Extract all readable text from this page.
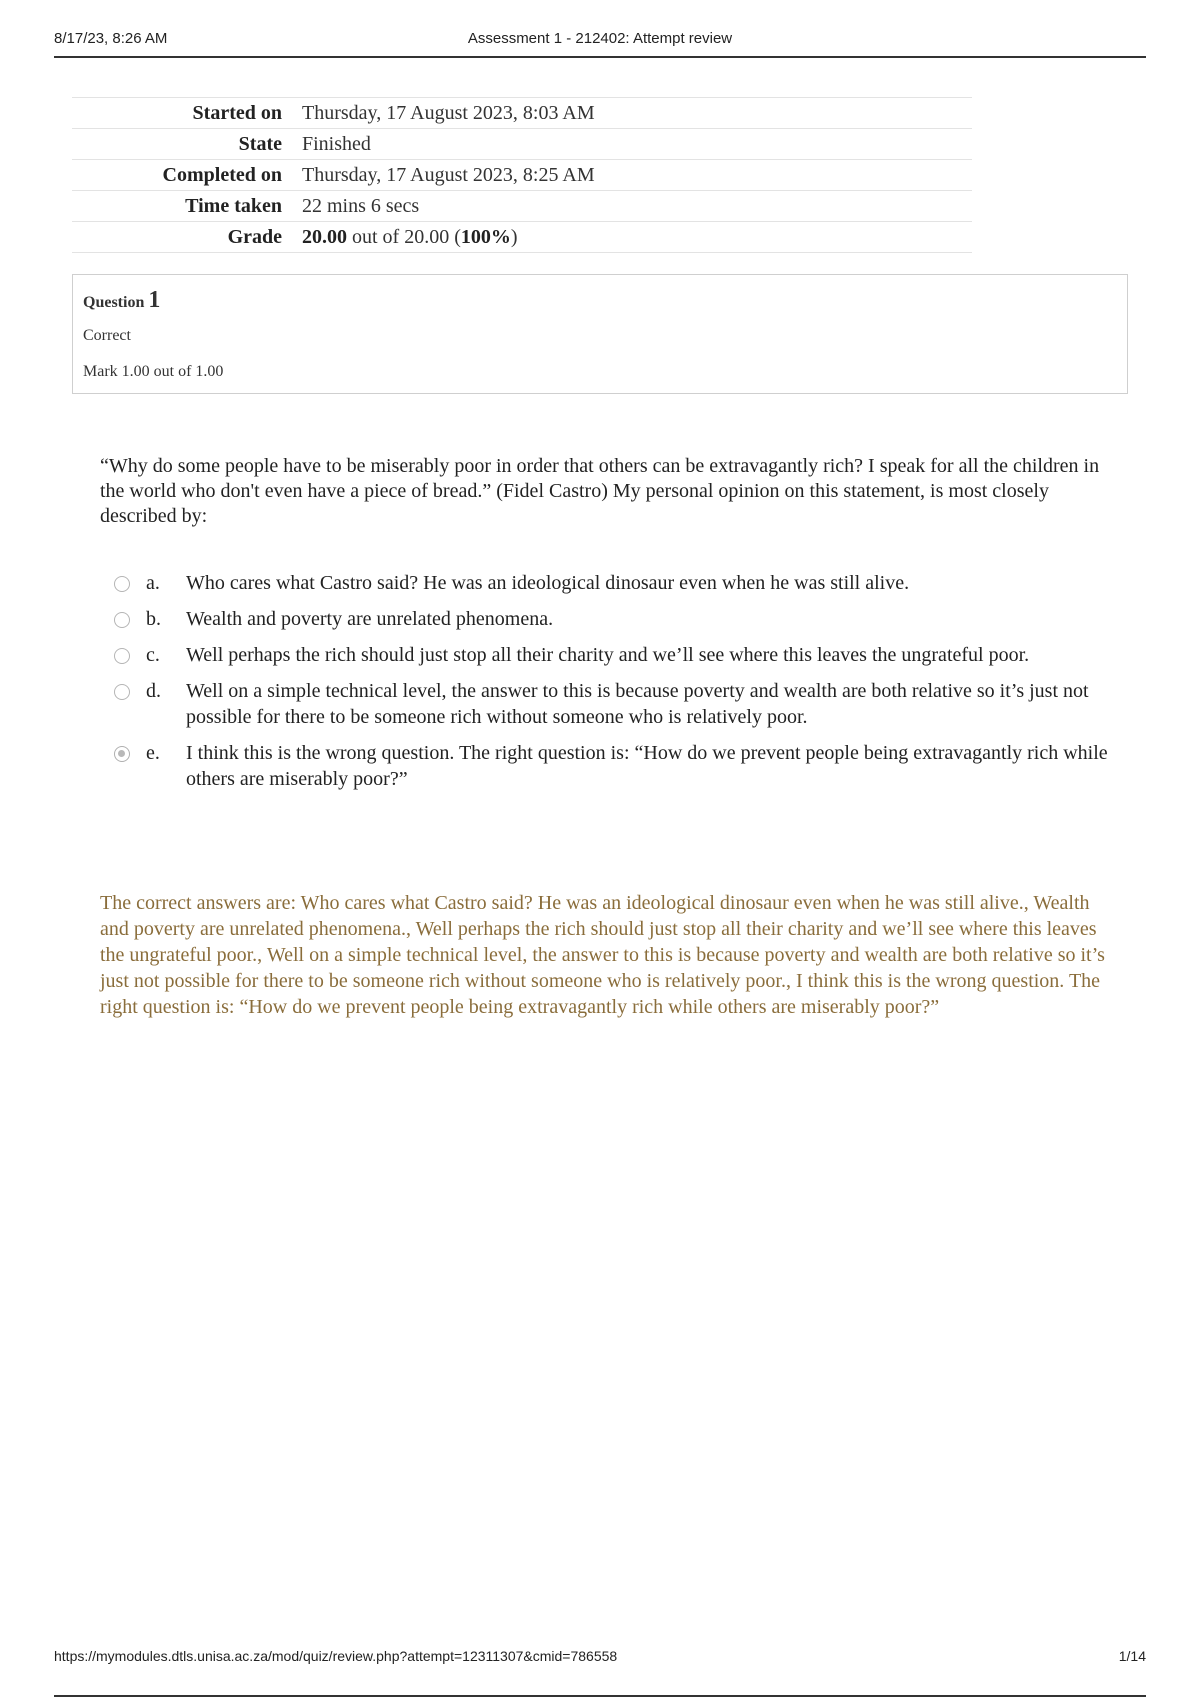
8/17/23, 8:26 AM	Assessment 1 - 212402: Attempt review
Started on	Thursday, 17 August 2023, 8:03 AM
State	Finished
Completed on	Thursday, 17 August 2023, 8:25 AM
Time taken	22 mins 6 secs
Grade	20.00 out of 20.00 (100%)
Question 1
Correct
Mark 1.00 out of 1.00

“Why do some people have to be miserably poor in order that others can be extravagantly rich? I speak for all the children in the world who don't even have a piece of bread.” (Fidel Castro) My personal opinion on this statement, is most closely described by:

a. Who cares what Castro said? He was an ideological dinosaur even when he was still alive.
b. Wealth and poverty are unrelated phenomena.
c. Well perhaps the rich should just stop all their charity and we’ll see where this leaves the ungrateful poor.
d. Well on a simple technical level, the answer to this is because poverty and wealth are both relative so it’s just not possible for there to be someone rich without someone who is relatively poor.
e. I think this is the wrong question. The right question is: “How do we prevent people being extravagantly rich while others are miserably poor?”

The correct answers are: Who cares what Castro said? He was an ideological dinosaur even when he was still alive., Wealth and poverty are unrelated phenomena., Well perhaps the rich should just stop all their charity and we’ll see where this leaves the ungrateful poor., Well on a simple technical level, the answer to this is because poverty and wealth are both relative so it’s just not possible for there to be someone rich without someone who is relatively poor., I think this is the wrong question. The right question is: “How do we prevent people being extravagantly rich while others are miserably poor?”

https://mymodules.dtls.unisa.ac.za/mod/quiz/review.php?attempt=12311307&cmid=786558	1/14
